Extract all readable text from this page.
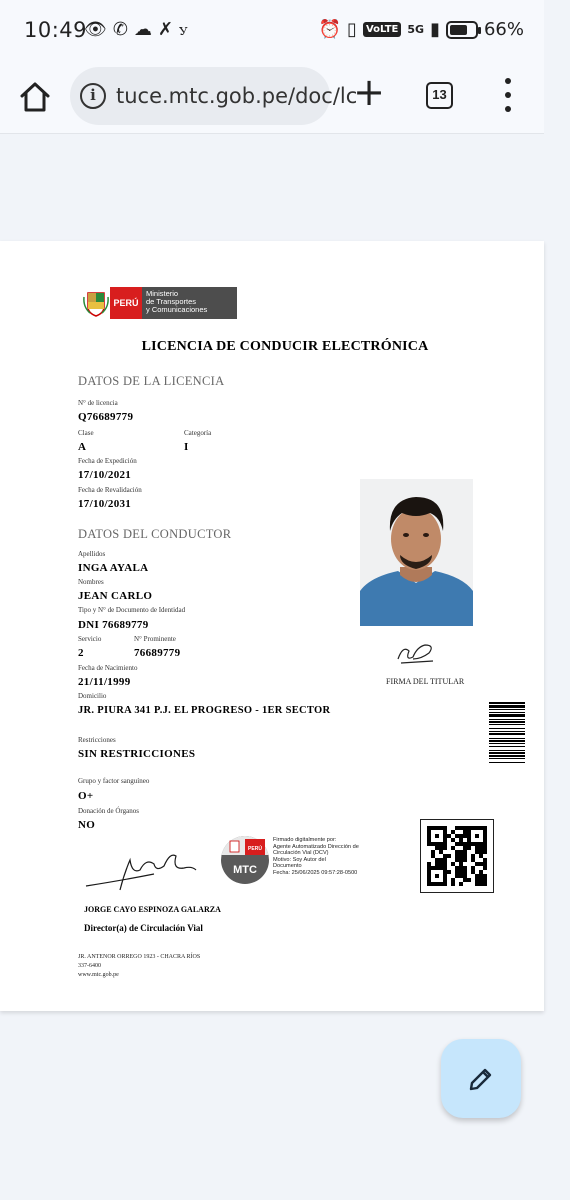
10:49
👁 ✆ ☁ ✗ ꭹ	⏰ ▯ VoLTE 5G ▮ 66%
i
tuce.mtc.gob.pe/doc/lc
+	13
PERÚ
Ministerio
de Transportes
y Comunicaciones
LICENCIA DE CONDUCIR ELECTRÓNICA
DATOS DE LA LICENCIA
N° de licencia
Q76689779
Clase
A
Categoría
I
Fecha de Expedición
17/10/2021
Fecha de Revalidación
17/10/2031
DATOS DEL CONDUCTOR
Apellidos
INGA AYALA
Nombres
JEAN CARLO
Tipo y N° de Documento de Identidad
DNI 76689779
Servicio
2
N° Prominente
76689779
Fecha de Nacimiento
21/11/1999
Domicilio
JR. PIURA 341 P.J. EL PROGRESO - 1ER SECTOR
Restricciones
SIN RESTRICCIONES
Grupo y factor sanguíneo
O+
Donación de Órganos
NO
FIRMA DEL TITULAR
PERÚ
MTC
Firmado digitalmente por:
Agente Automatizado Dirección de
Circulación Vial (DCV)
Motivo: Soy Autor del
Documento
Fecha: 25/06/2025 09:57:28-0500
JORGE CAYO ESPINOZA GALARZA
Director(a) de Circulación Vial
JR. ANTENOR ORREGO 1923 - CHACRA RÍOS
337-6400
www.mtc.gob.pe
